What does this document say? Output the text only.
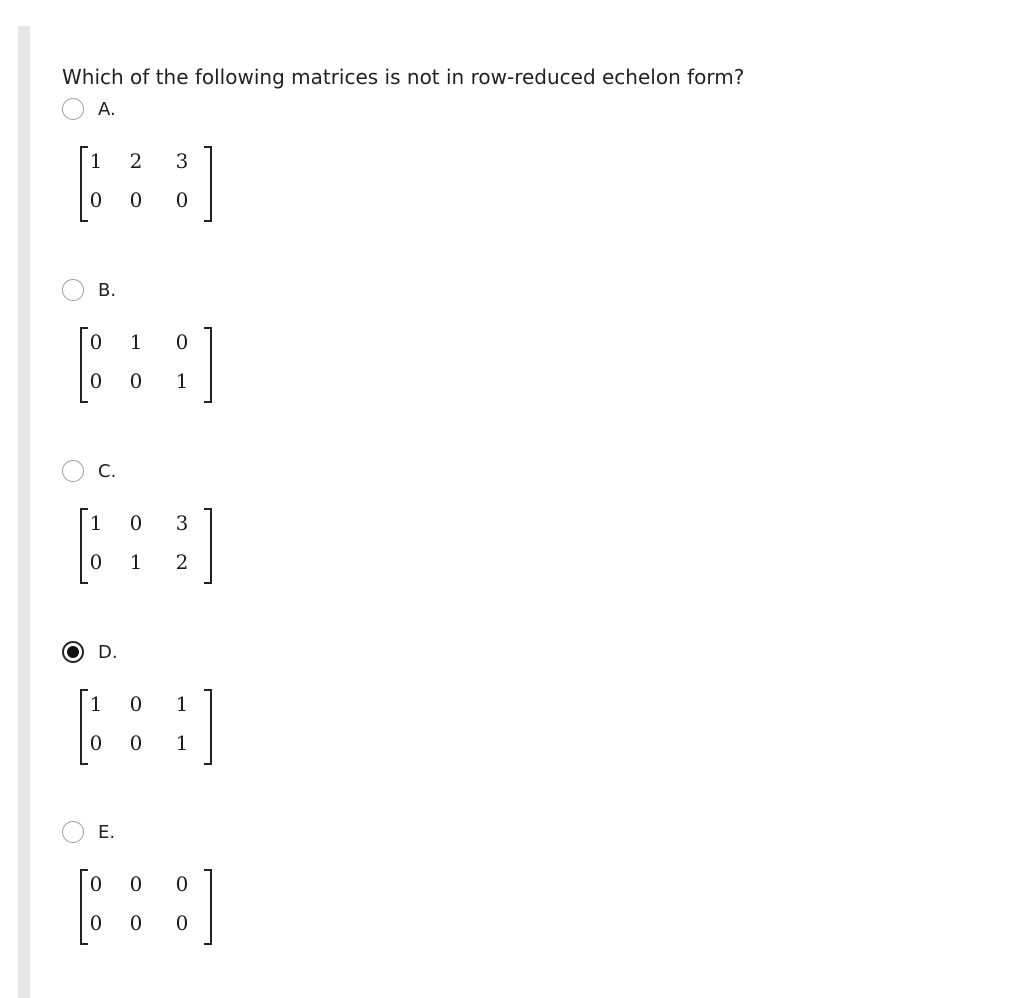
Which of the following matrices is not in row-reduced echelon form?
A.
1 2 3
0 0 0
B.
0 1 0
0 0 1
C.
1 0 3
0 1 2
D.
1 0 1
0 0 1
E.
0 0 0
0 0 0
